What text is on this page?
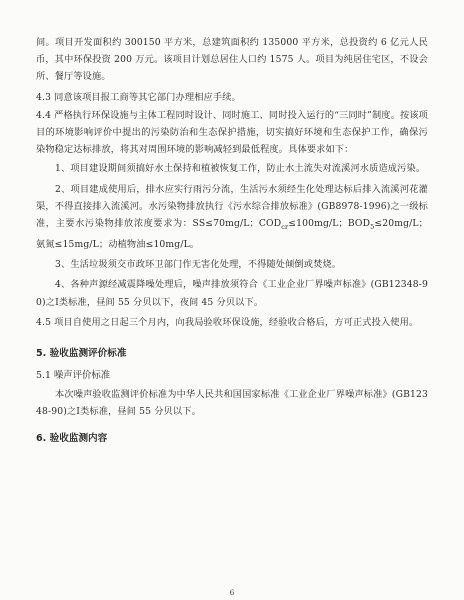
间。项目开发面积约 300150 平方米，总建筑面积约 135000 平方米，总投资约 6 亿元人民币，其中环保投资 200 万元。该项目计划总居住人口约 1575 人。项目为纯居住宅区，不设会所、餐厅等设施。

4.3 同意该项目报工商等其它部门办理相应手续。

4.4 严格执行环保设施与主体工程同时设计、同时施工、同时投入运行的“三同时”制度。按该项目的环境影响评价中提出的污染防治和生态保护措施，切实搞好环境和生态保护工作，确保污染物稳定达标排放，将其对周围环境的影响减轻到最低程度。具体要求如下：

1、项目建设期间须搞好水土保持和植被恢复工作，防止水土流失对流溪河水质造成污染。

2、项目建成使用后，排水应实行雨污分流，生活污水须经生化处理达标后排入流溪河花灌渠，不得直接排入流溪河。水污染物排放执行《污水综合排放标准》(GB8978-1996)之一级标准，主要水污染物排放浓度要求为：SS≤70mg/L；$COD_{cr}\le 100mg/L$；$BOD_5\le 20mg/L$；氨氮≤15mg/L；动植物油≤10mg/L。

3、生活垃圾须交市政环卫部门作无害化处理，不得随处倾倒或焚烧。

4、各种声源经减震降噪处理后，噪声排放须符合《工业企业厂界噪声标准》(GB12348-90)之Ⅰ类标准，昼间 55 分贝以下，夜间 45 分贝以下。

4.5 项目自使用之日起三个月内，向我局验收环保设施，经验收合格后，方可正式投入使用。

5. 验收监测评价标准

5.1 噪声评价标准

本次噪声验收监测评价标准为中华人民共和国国家标准《工业企业厂界噪声标准》(GB12348-90)之Ⅰ类标准，昼间 55 分贝以下。

6. 验收监测内容

6
